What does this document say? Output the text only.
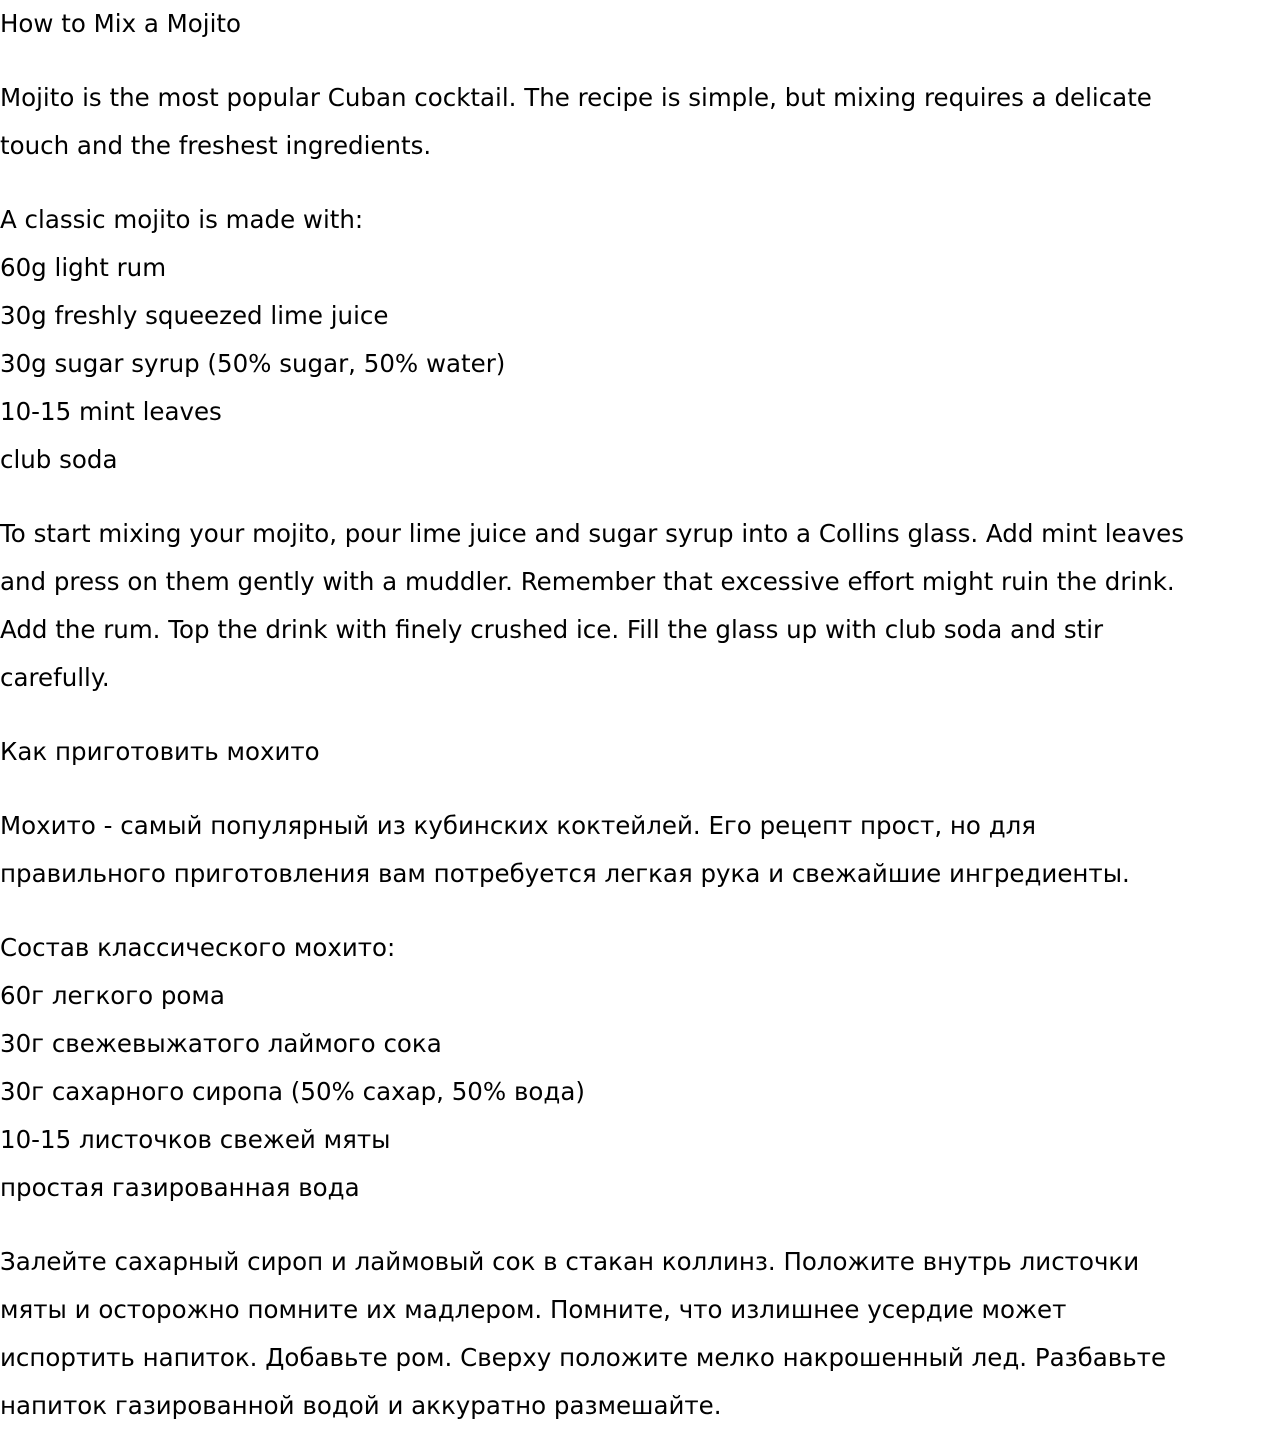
How to Mix a Mojito
Mojito is the most popular Cuban cocktail. The recipe is simple, but mixing requires a delicate
touch and the freshest ingredients.
A classic mojito is made with:
60g light rum
30g freshly squeezed lime juice
30g sugar syrup (50% sugar, 50% water)
10-15 mint leaves
club soda
To start mixing your mojito, pour lime juice and sugar syrup into a Collins glass. Add mint leaves
and press on them gently with a muddler. Remember that excessive effort might ruin the drink.
Add the rum. Top the drink with finely crushed ice. Fill the glass up with club soda and stir
carefully.
Как приготовить мохито
Мохито - самый популярный из кубинских коктейлей. Его рецепт прост, но для
правильного приготовления вам потребуется легкая рука и свежайшие ингредиенты.
Состав классического мохито:
60г легкого рома
30г свежевыжатого лаймого сока
30г сахарного сиропа (50% сахар, 50% вода)
10-15 листочков свежей мяты
простая газированная вода
Залейте сахарный сироп и лаймовый сок в стакан коллинз. Положите внутрь листочки
мяты и осторожно помните их мадлером. Помните, что излишнее усердие может
испортить напиток. Добавьте ром. Сверху положите мелко накрошенный лед. Разбавьте
напиток газированной водой и аккуратно размешайте.
